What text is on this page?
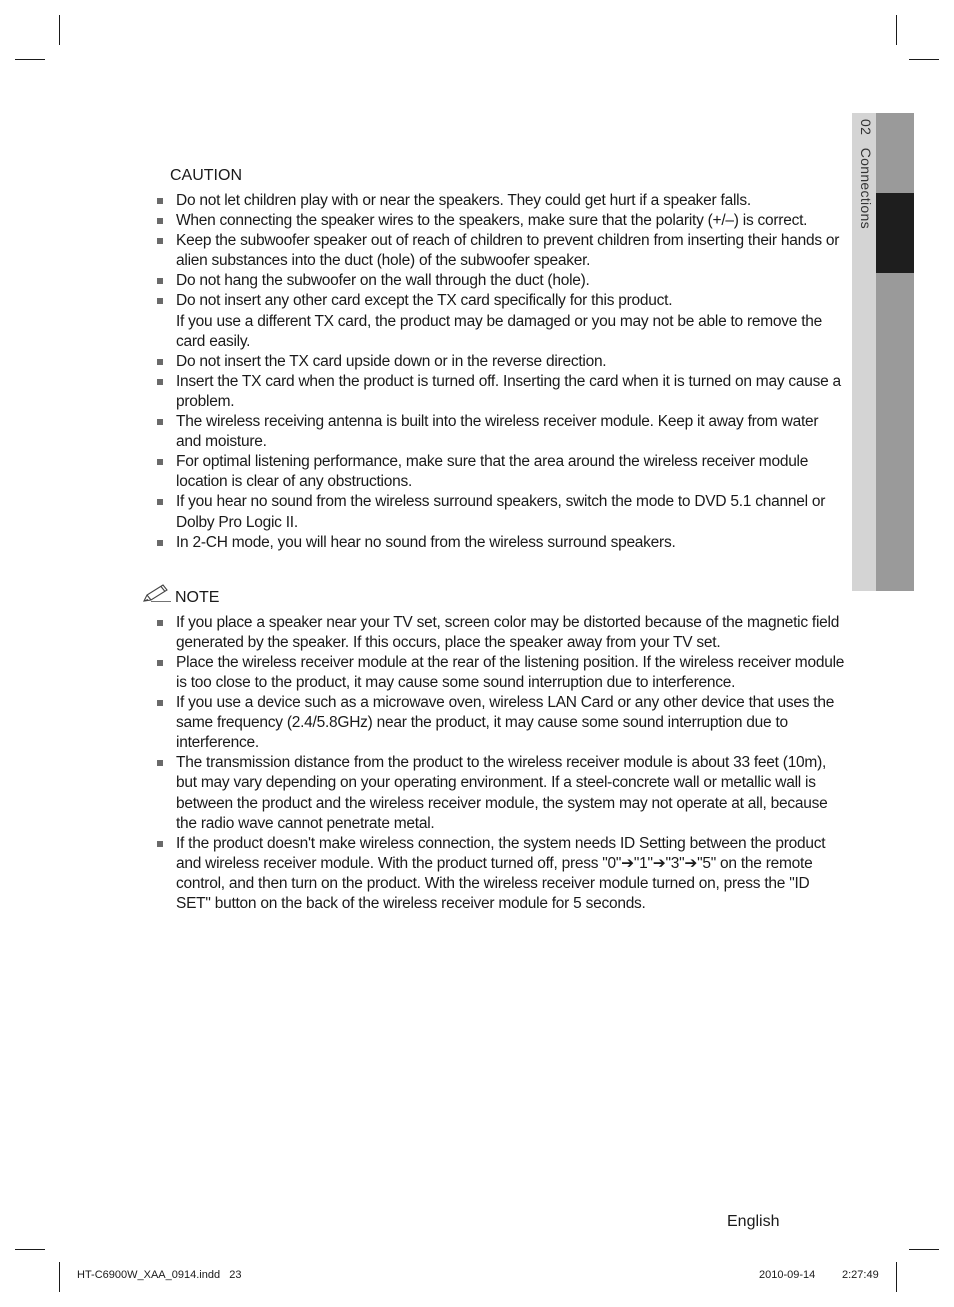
02   Connections
CAUTION
Do not let children play with or near the speakers. They could get hurt if a speaker falls.
When connecting the speaker wires to the speakers, make sure that the polarity (+/–) is correct.
Keep the subwoofer speaker out of reach of children to prevent children from inserting their hands or alien substances into the duct (hole) of the subwoofer speaker.
Do not hang the subwoofer on the wall through the duct (hole).
Do not insert any other card except the TX card specifically for this product.
If you use a different TX card, the product may be damaged or you may not be able to remove the card easily.
Do not insert the TX card upside down or in the reverse direction.
Insert the TX card when the product is turned off. Inserting the card when it is turned on may cause a problem.
The wireless receiving antenna is built into the wireless receiver module. Keep it away from water and moisture.
For optimal listening performance, make sure that the area around the wireless receiver module location is clear of any obstructions.
If you hear no sound from the wireless surround speakers, switch the mode to DVD 5.1 channel or Dolby Pro Logic II.
In 2-CH mode, you will hear no sound from the wireless surround speakers.
NOTE
If you place a speaker near your TV set, screen color may be distorted because of the magnetic field generated by the speaker. If this occurs, place the speaker away from your TV set.
Place the wireless receiver module at the rear of the listening position. If the wireless receiver module is too close to the product, it may cause some sound interruption due to interference.
If you use a device such as a microwave oven, wireless LAN Card or any other device that uses the same frequency (2.4/5.8GHz) near the product, it may cause some sound interruption due to interference.
The transmission distance from the product to the wireless receiver module is about 33 feet (10m), but may vary depending on your operating environment. If a steel-concrete wall or metallic wall is between the product and the wireless receiver module, the system may not operate at all, because the radio wave cannot penetrate metal.
If the product doesn't make wireless connection, the system needs ID Setting between the product and wireless receiver module. With the product turned off, press "0"➔"1"➔"3"➔"5" on the remote control, and then turn on the product. With the wireless receiver module turned on, press the "ID SET" button on the back of the wireless receiver module for 5 seconds.
English
HT-C6900W_XAA_0914.indd   23	2010-09-14 2:27:49
